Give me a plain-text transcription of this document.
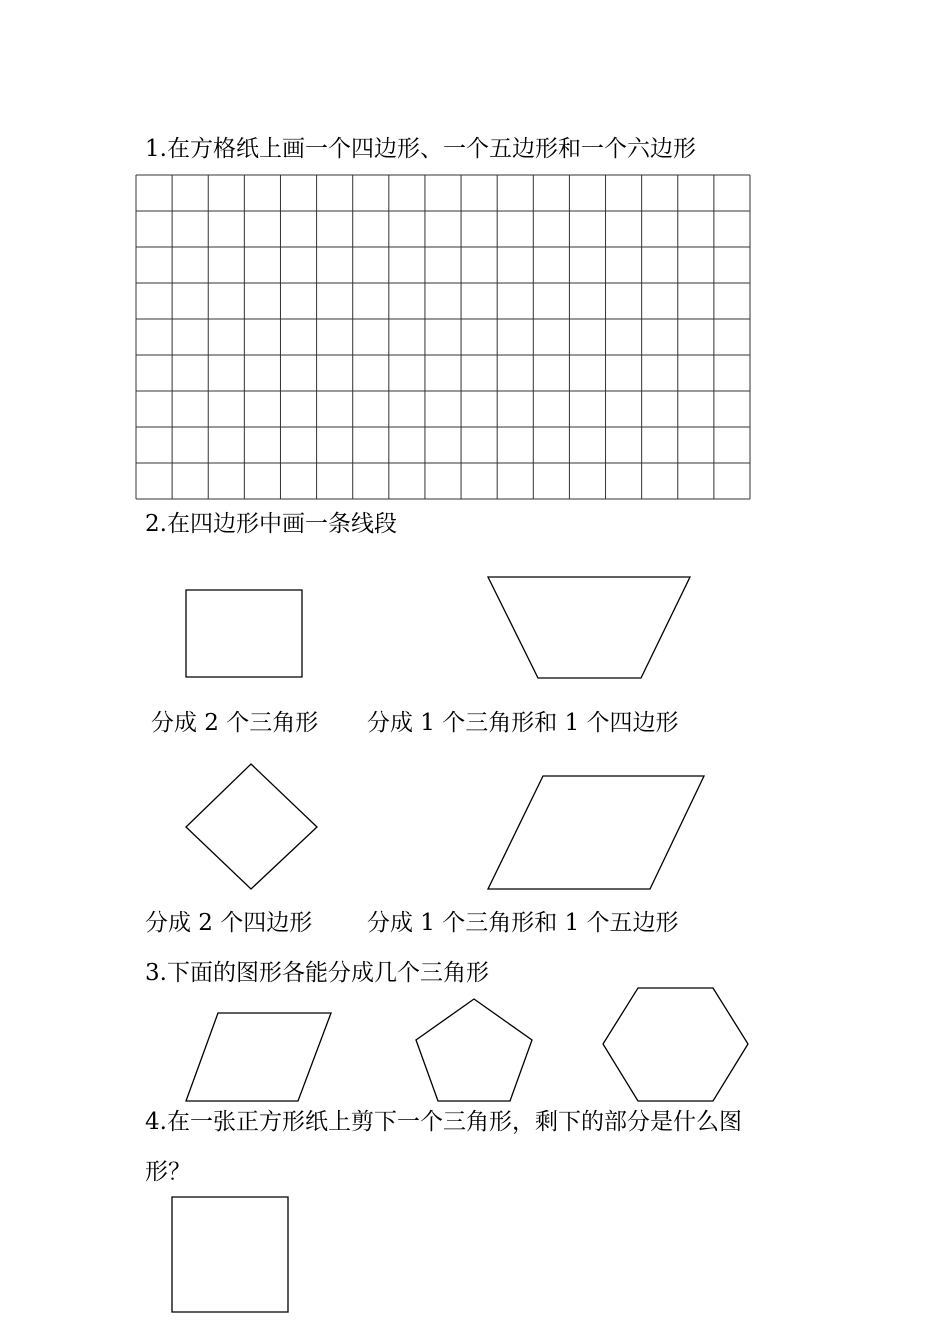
1.在方格纸上画一个四边形、一个五边形和一个六边形
2.在四边形中画一条线段
分成 2 个三角形 分成 1 个三角形和 1 个四边形
分成 2 个四边形 分成 1 个三角形和 1 个五边形
3.下面的图形各能分成几个三角形
4.在一张正方形纸上剪下一个三角形，剩下的部分是什么图
形？
